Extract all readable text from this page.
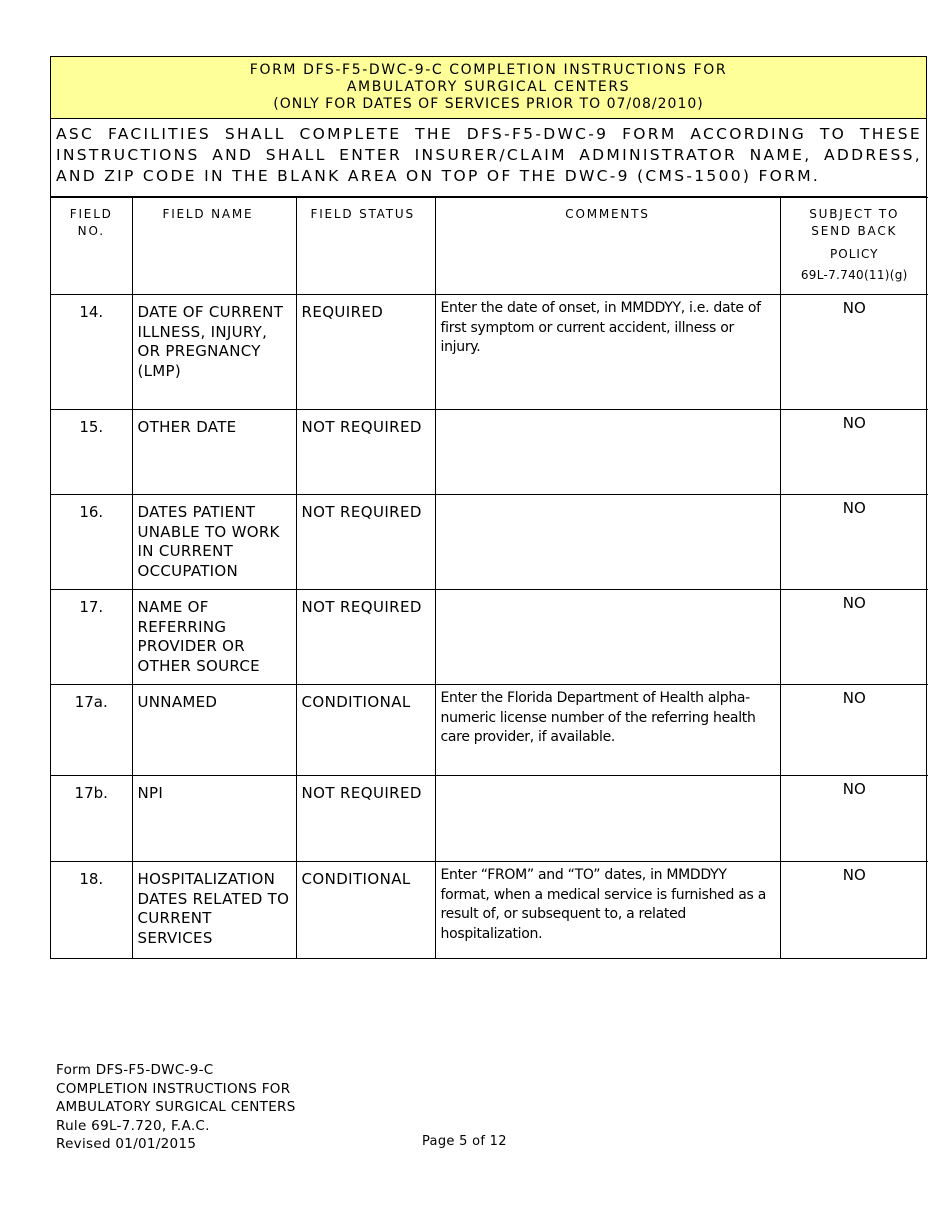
FORM DFS-F5-DWC-9-C COMPLETION INSTRUCTIONS FOR
AMBULATORY SURGICAL CENTERS
(ONLY FOR DATES OF SERVICES PRIOR TO 07/08/2010)
ASC FACILITIES SHALL COMPLETE THE DFS-F5-DWC-9 FORM ACCORDING TO THESE INSTRUCTIONS AND SHALL ENTER INSURER/CLAIM ADMINISTRATOR NAME, ADDRESS, AND ZIP CODE IN THE BLANK AREA ON TOP OF THE DWC-9 (CMS-1500) FORM.
FIELD NO.	FIELD NAME	FIELD STATUS	COMMENTS	SUBJECT TO SEND BACK
POLICY
69L-7.740(11)(g)

14.	DATE OF CURRENT ILLNESS, INJURY, OR PREGNANCY (LMP)	REQUIRED	Enter the date of onset, in MMDDYY, i.e. date of first symptom or current accident, illness or injury.	NO
15.	OTHER DATE	NOT REQUIRED		NO
16.	DATES PATIENT UNABLE TO WORK IN CURRENT OCCUPATION	NOT REQUIRED		NO
17.	NAME OF REFERRING PROVIDER OR OTHER SOURCE	NOT REQUIRED		NO
17a.	UNNAMED	CONDITIONAL	Enter the Florida Department of Health alpha-numeric license number of the referring health care provider, if available.	NO
17b.	NPI	NOT REQUIRED		NO
18.	HOSPITALIZATION DATES RELATED TO CURRENT SERVICES	CONDITIONAL	Enter “FROM” and “TO” dates, in MMDDYY format, when a medical service is furnished as a result of, or subsequent to, a related hospitalization.	NO
Form DFS-F5-DWC-9-C
COMPLETION INSTRUCTIONS FOR
AMBULATORY SURGICAL CENTERS
Rule 69L-7.720, F.A.C.
Revised 01/01/2015	Page 5 of 12
